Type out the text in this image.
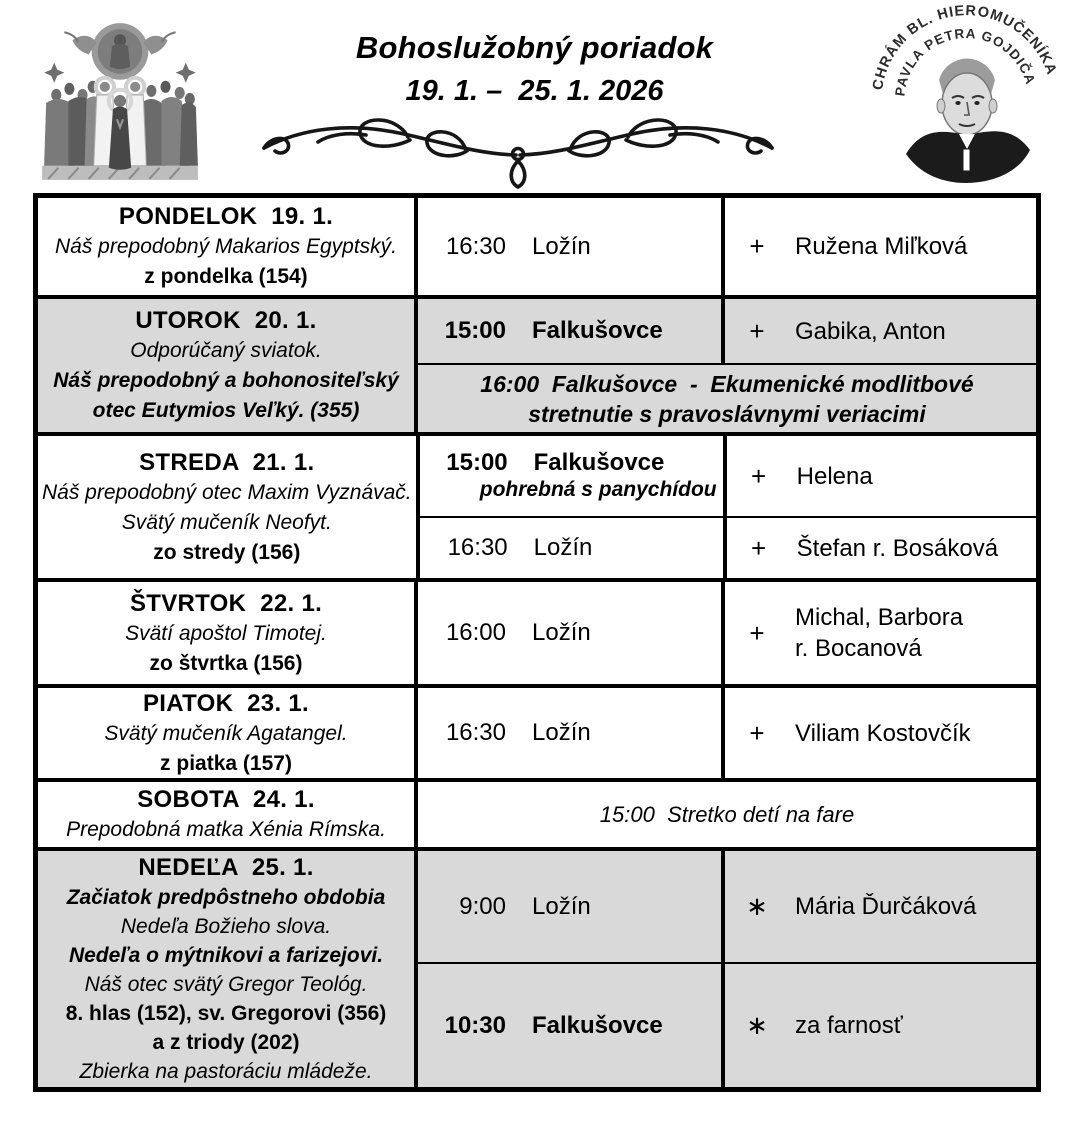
Bohoslužobný poriadok
19. 1. –  25. 1. 2026	CHRÁM BL. HIEROMUČENÍKA
PAVLA PETRA GOJDIČA
PONDELOK  19. 1.
Náš prepodobný Makarios Egyptský.
z pondelka (154)
16:30 Ložín	+	Ružena Miľková
UTOROK  20. 1.
Odporúčaný sviatok.
Náš prepodobný a bohonositeľský
otec Eutymios Veľký. (355)
15:00 Falkušovce	+	Gabika, Anton
16:00  Falkušovce  -  Ekumenické modlitbové
stretnutie s pravoslávnymi veriacimi
STREDA  21. 1.
Náš prepodobný otec Maxim Vyznávač.
Svätý mučeník Neofyt.
zo stredy (156)
15:00 Falkušovce
pohrebná s panychídou	+	Helena
16:30 Ložín	+	Štefan r. Bosáková
ŠTVRTOK  22. 1.
Svätí apoštol Timotej.
zo štvrtka (156)
16:00 Ložín	+	Michal, Barbora
r. Bocanová
PIATOK  23. 1.
Svätý mučeník Agatangel.
z piatka (157)
16:30 Ložín	+	Viliam Kostovčík
SOBOTA  24. 1.
Prepodobná matka Xénia Rímska.
15:00  Stretko detí na fare
NEDEĽA  25. 1.
Začiatok predpôstneho obdobia
Nedeľa Božieho slova.
Nedeľa o mýtnikovi a farizejovi.
Náš otec svätý Gregor Teológ.
8. hlas (152), sv. Gregorovi (356)
a z triody (202)
Zbierka na pastoráciu mládeže.
9:00 Ložín	∗ Mária Ďurčáková
10:30 Falkušovce	∗ za farnosť
